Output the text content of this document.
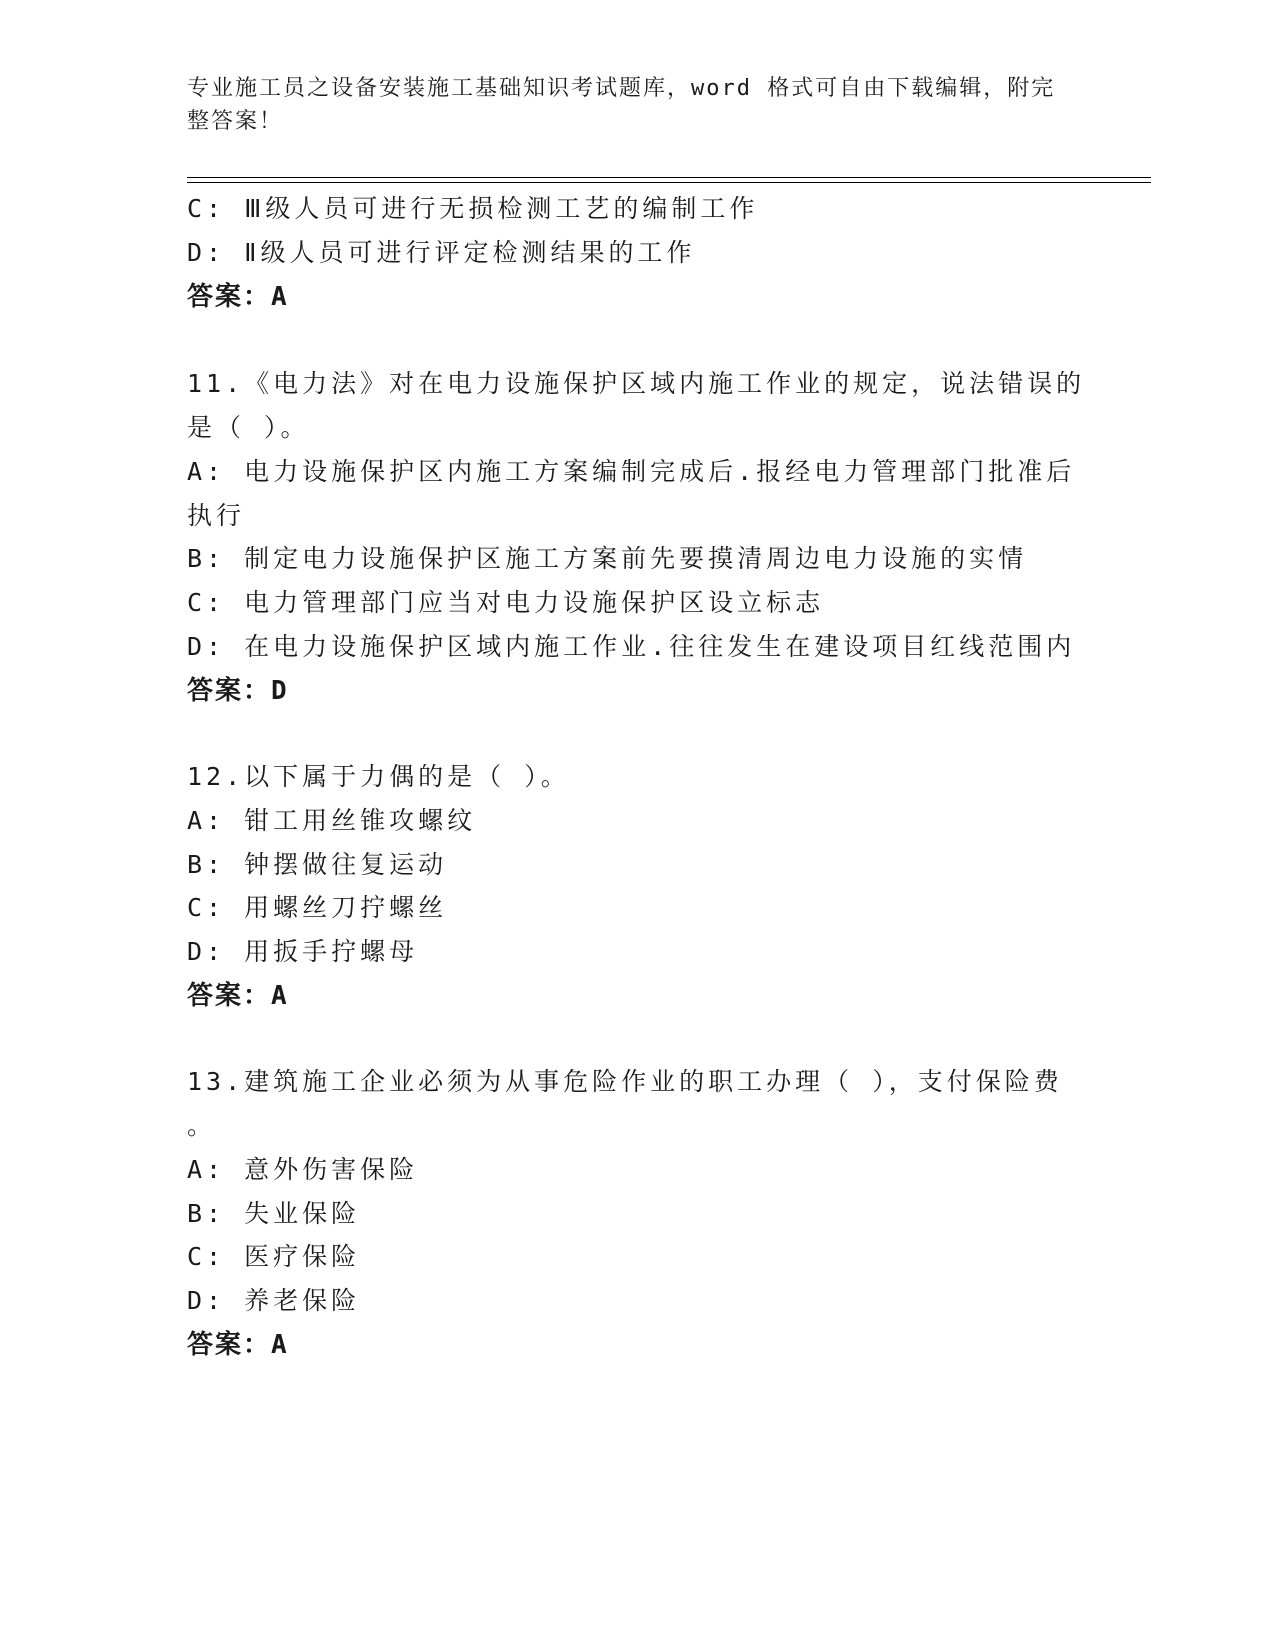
专业施工员之设备安装施工基础知识考试题库，word 格式可自由下载编辑，附完整答案！
C: Ⅲ级人员可进行无损检测工艺的编制工作
D: Ⅱ级人员可进行评定检测结果的工作
答案：A
11.《电力法》对在电力设施保护区域内施工作业的规定，说法错误的
是（ ）。
A: 电力设施保护区内施工方案编制完成后.报经电力管理部门批准后
执行
B: 制定电力设施保护区施工方案前先要摸清周边电力设施的实情
C: 电力管理部门应当对电力设施保护区设立标志
D: 在电力设施保护区域内施工作业.往往发生在建设项目红线范围内
答案：D
12.以下属于力偶的是（ ）。
A: 钳工用丝锥攻螺纹
B: 钟摆做往复运动
C: 用螺丝刀拧螺丝
D: 用扳手拧螺母
答案：A
13.建筑施工企业必须为从事危险作业的职工办理（ ），支付保险费
。
A: 意外伤害保险
B: 失业保险
C: 医疗保险
D: 养老保险
答案：A
